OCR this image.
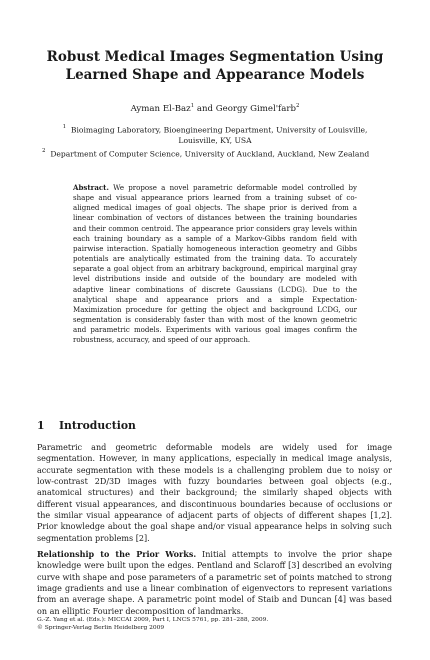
Robust Medical Images Segmentation Using
Learned Shape and Appearance Models
Ayman El-Baz$^1$ and Georgy Gimel'farb$^2$
$^1$ Bioimaging Laboratory, Bioengineering Department, University of Louisville,
Louisville, KY, USA
$^2$ Department of Computer Science, University of Auckland, Auckland, New Zealand
Abstract. We propose a novel parametric deformable model controlled by shape and visual appearance priors learned from a training subset of co-aligned medical images of goal objects. The shape prior is derived from a linear combination of vectors of distances between the training boundaries and their common centroid. The appearance prior considers gray levels within each training boundary as a sample of a Markov-Gibbs random field with pairwise interaction. Spatially homogeneous interaction geometry and Gibbs potentials are analytically estimated from the training data. To accurately separate a goal object from an arbitrary background, empirical marginal gray level distributions inside and outside of the boundary are modeled with adaptive linear combinations of discrete Gaussians (LCDG). Due to the analytical shape and appearance priors and a simple Expectation-Maximization procedure for getting the object and background LCDG, our segmentation is considerably faster than with most of the known geometric and parametric models. Experiments with various goal images confirm the robustness, accuracy, and speed of our approach.
1 Introduction

Parametric and geometric deformable models are widely used for image segmentation. However, in many applications, especially in medical image analysis, accurate segmentation with these models is a challenging problem due to noisy or low-contrast 2D/3D images with fuzzy boundaries between goal objects (e.g., anatomical structures) and their background; the similarly shaped objects with different visual appearances, and discontinuous boundaries because of occlusions or the similar visual appearance of adjacent parts of objects of different shapes [1,2]. Prior knowledge about the goal shape and/or visual appearance helps in solving such segmentation problems [2].

Relationship to the Prior Works. Initial attempts to involve the prior shape knowledge were built upon the edges. Pentland and Sclaroff [3] described an evolving curve with shape and pose parameters of a parametric set of points matched to strong image gradients and use a linear combination of eigenvectors to represent variations from an average shape. A parametric point model of Staib and Duncan [4] was based on an elliptic Fourier decomposition of landmarks.

G.-Z. Yang et al. (Eds.): MICCAI 2009, Part I, LNCS 5761, pp. 281–288, 2009.
© Springer-Verlag Berlin Heidelberg 2009
